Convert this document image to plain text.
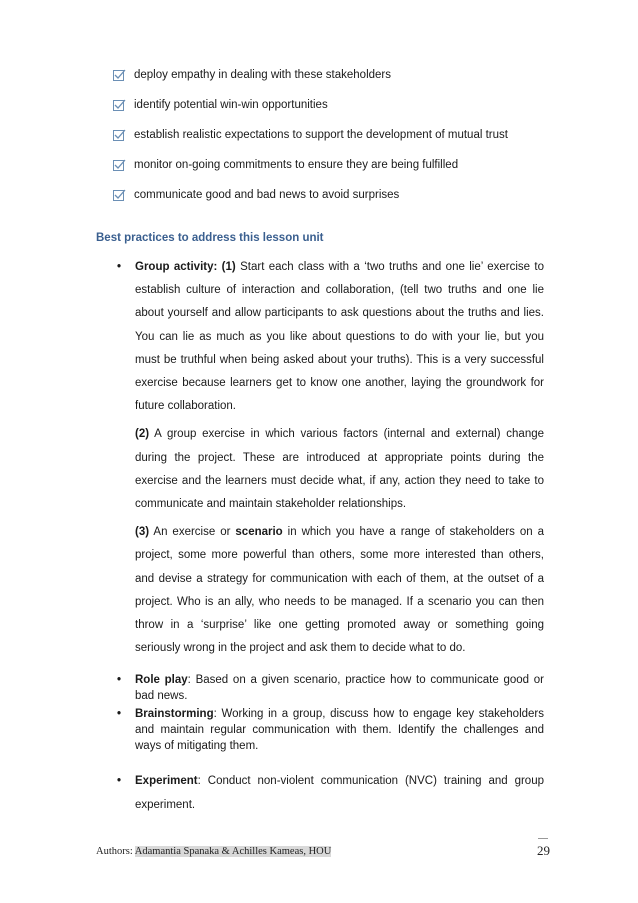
deploy empathy in dealing with these stakeholders
identify potential win-win opportunities
establish realistic expectations to support the development of mutual trust
monitor on-going commitments to ensure they are being fulfilled
communicate good and bad news to avoid surprises
Best practices to address this lesson unit
• Group activity: (1) Start each class with a ‘two truths and one lie’ exercise to establish culture of interaction and collaboration, (tell two truths and one lie about yourself and allow participants to ask questions about the truths and lies. You can lie as much as you like about questions to do with your lie, but you must be truthful when being asked about your truths). This is a very successful exercise because learners get to know one another, laying the groundwork for future collaboration.

(2) A group exercise in which various factors (internal and external) change during the project. These are introduced at appropriate points during the exercise and the learners must decide what, if any, action they need to take to communicate and maintain stakeholder relationships.

(3) An exercise or scenario in which you have a range of stakeholders on a project, some more powerful than others, some more interested than others, and devise a strategy for communication with each of them, at the outset of a project. Who is an ally, who needs to be managed. If a scenario you can then throw in a ‘surprise’ like one getting promoted away or something going seriously wrong in the project and ask them to decide what to do.

• Role play: Based on a given scenario, practice how to communicate good or bad news.

• Brainstorming: Working in a group, discuss how to engage key stakeholders and maintain regular communication with them. Identify the challenges and ways of mitigating them.

• Experiment: Conduct non-violent communication (NVC) training and group experiment.

Authors: Adamantia Spanaka & Achilles Kameas, HOU	29
